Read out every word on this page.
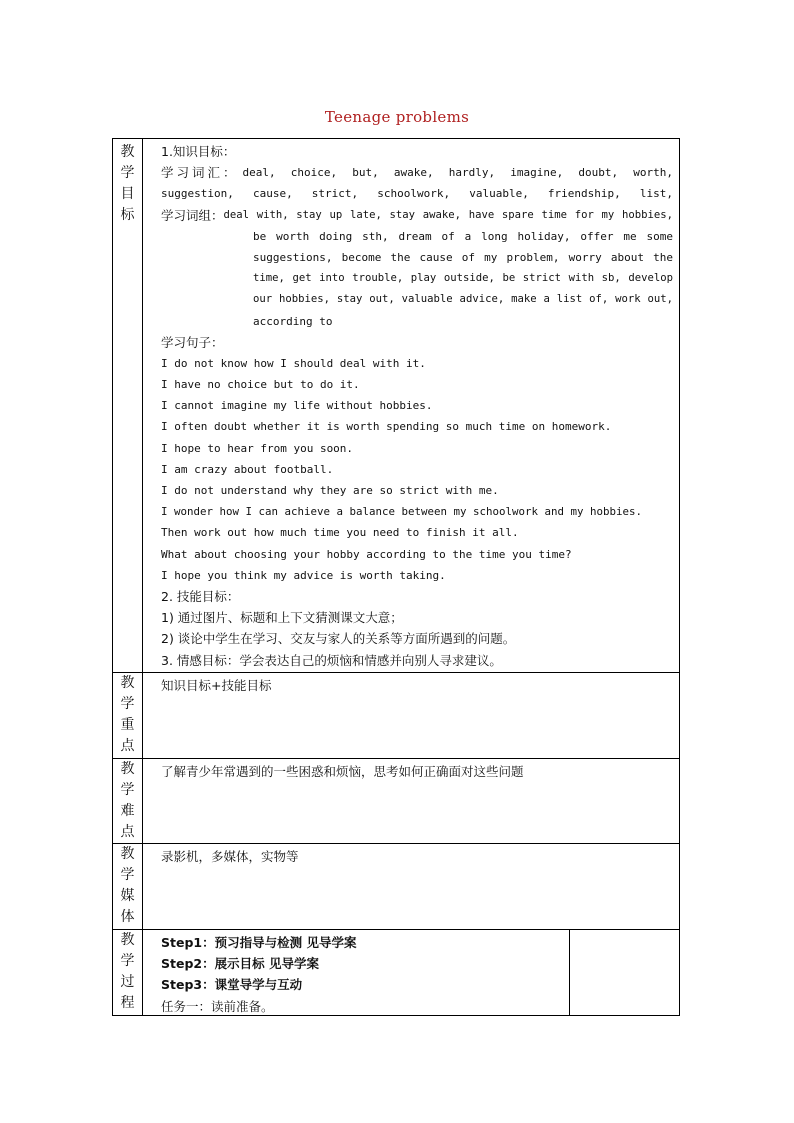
Teenage problems
教
学
目
标
1.知识目标：
学习词汇： deal, choice, but, awake, hardly, imagine, doubt, worth,
suggestion, cause, strict, schoolwork, valuable, friendship, list,
学习词组： deal with, stay up late, stay awake, have spare time for my hobbies,
be worth doing sth, dream of a long holiday, offer me some
suggestions, become the cause of my problem, worry about the
time, get into trouble, play outside, be strict with sb, develop
our hobbies, stay out, valuable advice, make a list of, work out,
according to
学习句子：
I do not know how I should deal with it.
I have no choice but to do it.
I cannot imagine my life without hobbies.
I often doubt whether it is worth spending so much time on homework.
I hope to hear from you soon.
I am crazy about football.
I do not understand why they are so strict with me.
I wonder how I can achieve a balance between my schoolwork and my hobbies.
Then work out how much time you need to finish it all.
What about choosing your hobby according to the time you time?
I hope you think my advice is worth taking.
2. 技能目标：
1) 通过图片、标题和上下文猜测课文大意；
2) 谈论中学生在学习、交友与家人的关系等方面所遇到的问题。
3. 情感目标：学会表达自己的烦恼和情感并向别人寻求建议。
教
学
重
点
知识目标+技能目标
教
学
难
点
了解青少年常遇到的一些困惑和烦恼，思考如何正确面对这些问题
教
学
媒
体
录影机，多媒体，实物等
教
学
过
程
Step1：预习指导与检测 见导学案
Step2：展示目标 见导学案
Step3：课堂导学与互动
任务一：读前准备。
